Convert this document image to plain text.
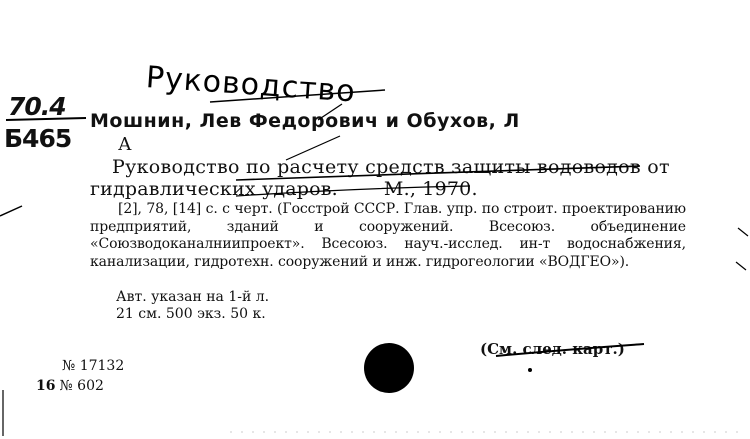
Руководство
70.4
Б465
Мошнин, Лев Федорович и Обухов, Л
А
Руководство по расчету средств защиты водоводов от
гидравлических ударов. М., 1970.
[2], 78, [14] с. с черт. (Госстрой СССР. Глав. упр. по строит. проектированию предприятий, зданий и сооружений. Всесоюз. объединение «Союзводоканалниипроект». Всесоюз. науч.-исслед. ин-т водоснабжения, канализации, гидротехн. сооружений и инж. гидрогеологии «ВОДГЕО»).
Авт. указан на 1-й л.
21 см. 500 экз. 50 к.
№ 17132
16 № 602
(См. след. карт.)
